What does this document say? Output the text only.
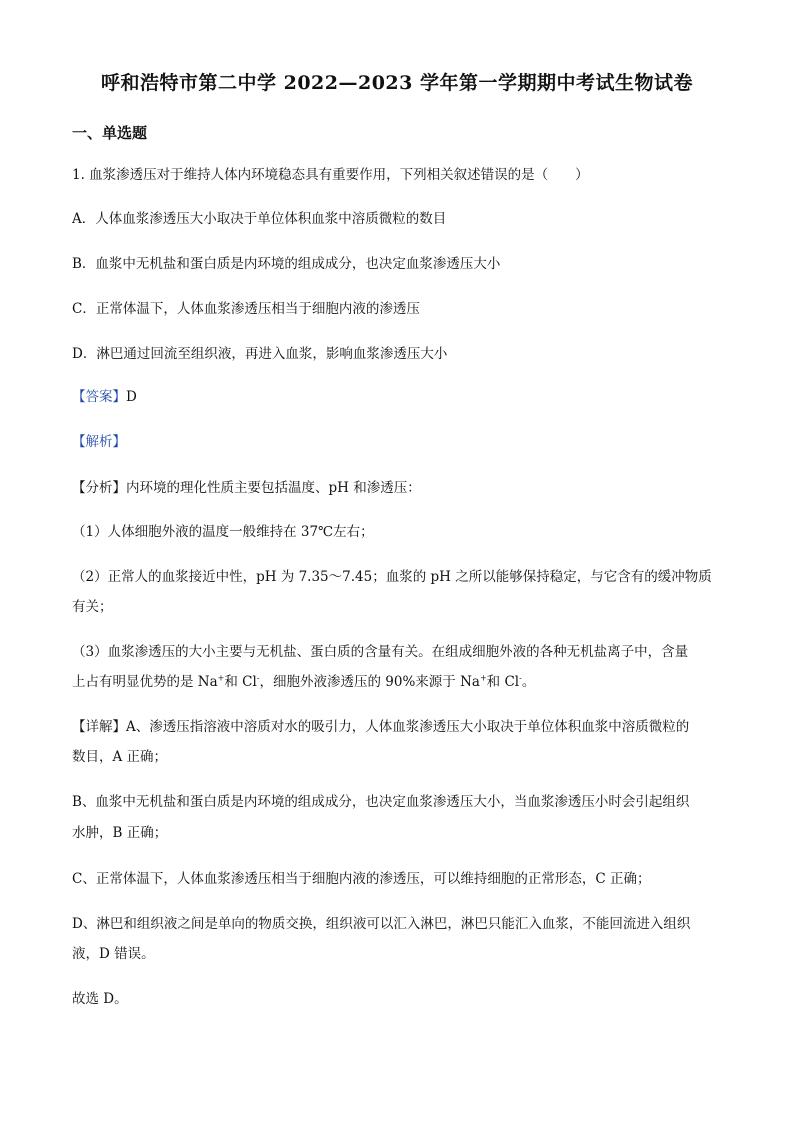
呼和浩特市第二中学 2022—2023 学年第一学期期中考试生物试卷
一、单选题
1. 血浆渗透压对于维持人体内环境稳态具有重要作用，下列相关叙述错误的是（　　）
A．人体血浆渗透压大小取决于单位体积血浆中溶质微粒的数目
B．血浆中无机盐和蛋白质是内环境的组成成分，也决定血浆渗透压大小
C．正常体温下，人体血浆渗透压相当于细胞内液的渗透压
D．淋巴通过回流至组织液，再进入血浆，影响血浆渗透压大小
【答案】D
【解析】
【分析】内环境的理化性质主要包括温度、pH 和渗透压：
（1）人体细胞外液的温度一般维持在 37℃左右；
（2）正常人的血浆接近中性，pH 为 7.35～7.45；血浆的 pH 之所以能够保持稳定，与它含有的缓冲物质
有关；
（3）血浆渗透压的大小主要与无机盐、蛋白质的含量有关。在组成细胞外液的各种无机盐离子中，含量
上占有明显优势的是 Na+和 Cl-，细胞外液渗透压的 90%来源于 Na+和 Cl-。
【详解】A、渗透压指溶液中溶质对水的吸引力，人体血浆渗透压大小取决于单位体积血浆中溶质微粒的
数目，A 正确；
B、血浆中无机盐和蛋白质是内环境的组成成分，也决定血浆渗透压大小，当血浆渗透压小时会引起组织
水肿，B 正确；
C、正常体温下，人体血浆渗透压相当于细胞内液的渗透压，可以维持细胞的正常形态，C 正确；
D、淋巴和组织液之间是单向的物质交换，组织液可以汇入淋巴，淋巴只能汇入血浆，不能回流进入组织
液，D 错误。
故选 D。
